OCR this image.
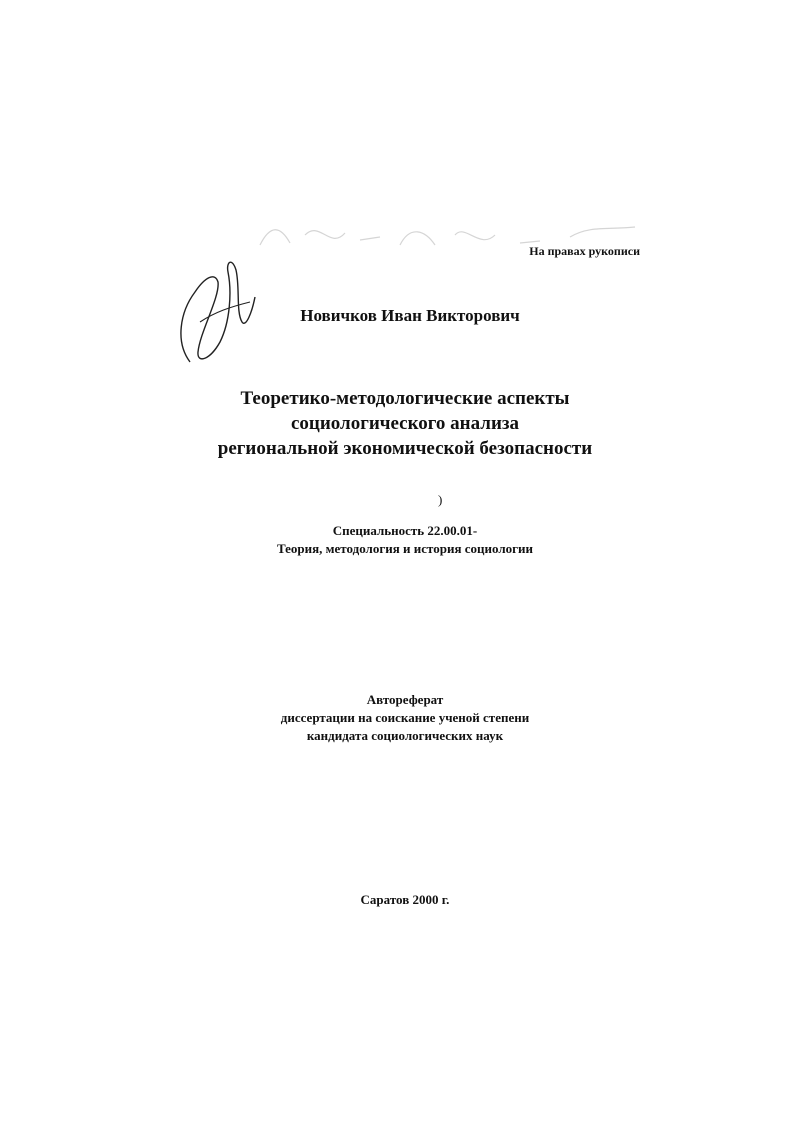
На правах рукописи
Новичков Иван Викторович
Теоретико-методологические аспекты
социологического анализа
региональной экономической безопасности
)
Специальность 22.00.01-
Теория, методология и история социологии
Автореферат
диссертации на соискание ученой степени
кандидата социологических наук
Саратов 2000 г.
